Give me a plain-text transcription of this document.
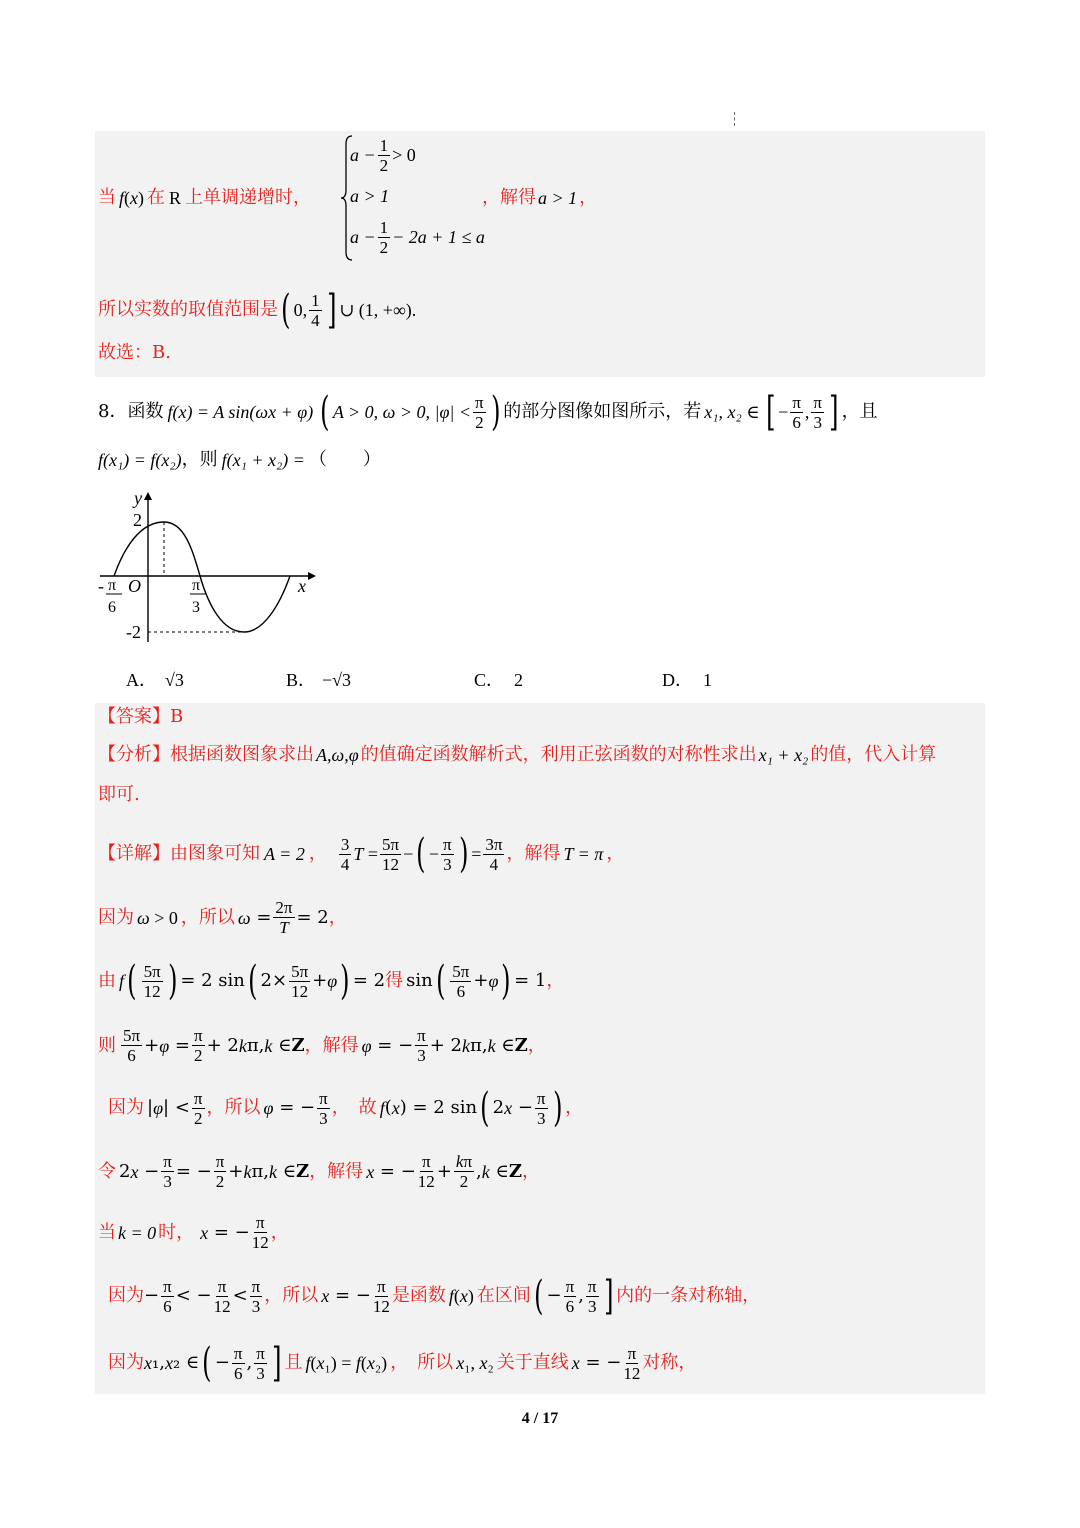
当 f(x) 在 R 上单调递增时，
$a - \frac{1}{2} > 0$
a > 1
$a - \frac{1}{2} - 2a + 1 \le a$
，解得 a > 1 ，
所以实数的取值范围是 ( 0, $\frac{1}{4}$ ] ∪ (1, +∞) .
故选：B.
8．函数 f(x) = A sin(ωx + φ) ( A > 0, ω > 0, $|\varphi| < \frac{\pi}{2}$ ) 的部分图像如图所示，若 x₁, x₂ ∈ [ − $\frac{\pi}{6}$ , $\frac{\pi}{3}$ ] ，且
f(x₁) = f(x₂) ，则 f(x₁ + x₂) = （　　）
y
x
2
-2
O
- π
6
π
3
A． √3	B． −√3	C． 2	D． 1
【答案】B
【分析】 根据函数图象求出 A,ω,φ 的值确定函数解析式，利用正弦函数的对称性求出 x₁ + x₂ 的值，代入计算
即可.
【详解】 由图象可知 A = 2 ， $\frac{3}{4}$ $T = \frac{5\pi}{12}$ − ( − $\frac{\pi}{3}$ ) = $\frac{3\pi}{4}$ ，解得 T = π ，
因为 ω > 0 ，所以 $\omega = \frac{2\pi}{T} = 2$ ，
由 f ( $\frac{5\pi}{12}$ ) = 2 sin ( $2\times \frac{5\pi}{12} + \varphi$ ) = 2 得 sin ( $\frac{5\pi}{6} + \varphi$ ) = 1 ，
则 $\frac{5\pi}{6} + \varphi = \frac{\pi}{2} + 2$ k π, k ∈ Z ，解得 φ = − $\frac{\pi}{3} + 2$ k π, k ∈ Z ，
因为 | φ | < $\frac{\pi}{2}$ ，所以 φ = − $\frac{\pi}{3}$ ，　故 f ( x ) = 2 sin ( 2 $x - \frac{\pi}{3}$ ) ，
令 2 $x - \frac{\pi}{3}$ = − $\frac{\pi}{2} + k$ π, k ∈ Z ，解得 x = − $\frac{\pi}{12} + \frac{k\pi}{2}$ , k ∈ Z ，
当 k = 0 时， x = − $\frac{\pi}{12}$ ，
因为 − $\frac{\pi}{6}$ < − $\frac{\pi}{12} < \frac{\pi}{3}$ ，所以 x = − $\frac{\pi}{12}$ 是函数 f(x) 在区间 ( − $\frac{\pi}{6}$ , $\frac{\pi}{3}$ ] 内的一条对称轴，
因为 x ₁, x ₂ ∈ ( − $\frac{\pi}{6}$ , $\frac{\pi}{3}$ ] 且 f(x₁) = f(x₂) ，　所以 x₁, x₂ 关于直线 x = − $\frac{\pi}{12}$ 对称，
4 / 17
